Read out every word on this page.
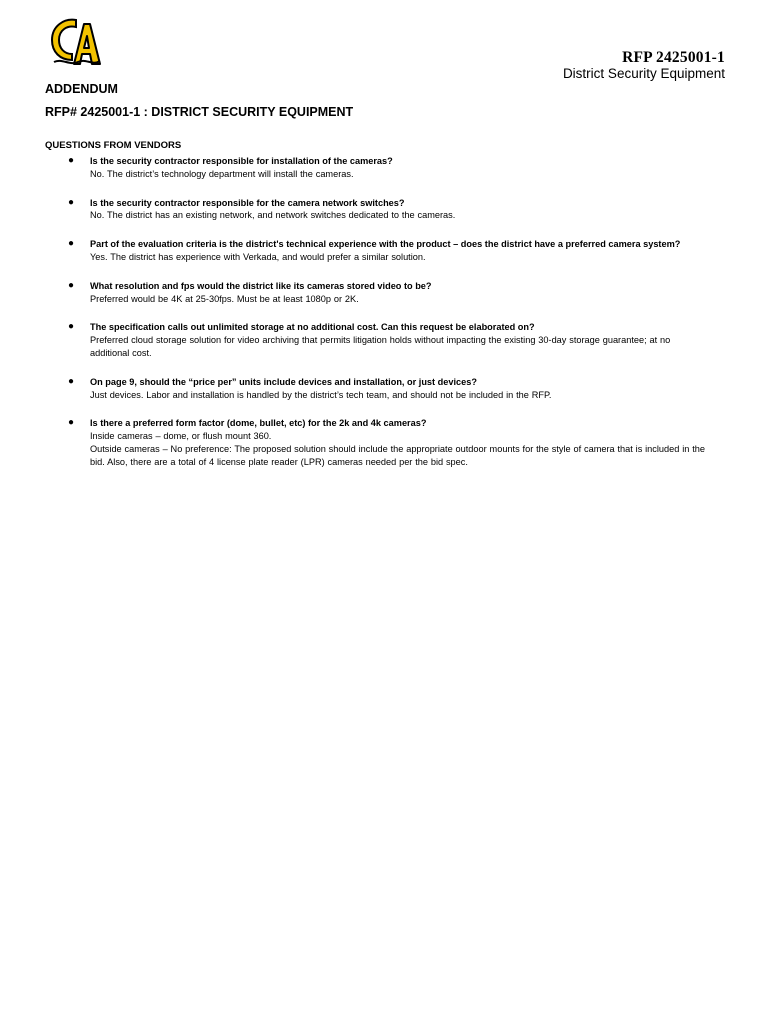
RFP 2425001-1
District Security Equipment
ADDENDUM
RFP# 2425001-1 : DISTRICT SECURITY EQUIPMENT
QUESTIONS FROM VENDORS
● Is the security contractor responsible for installation of the cameras?
No. The district’s technology department will install the cameras.
● Is the security contractor responsible for the camera network switches?
No. The district has an existing network, and network switches dedicated to the cameras.
● Part of the evaluation criteria is the district's technical experience with the product – does the district have a preferred camera system?
Yes. The district has experience with Verkada, and would prefer a similar solution.
● What resolution and fps would the district like its cameras stored video to be?
Preferred would be 4K at 25-30fps. Must be at least 1080p or 2K.
● The specification calls out unlimited storage at no additional cost. Can this request be elaborated on?
Preferred cloud storage solution for video archiving that permits litigation holds without impacting the existing 30-day storage guarantee; at no additional cost.
● On page 9, should the “price per” units include devices and installation, or just devices?
Just devices. Labor and installation is handled by the district’s tech team, and should not be included in the RFP.
● Is there a preferred form factor (dome, bullet, etc) for the 2k and 4k cameras?
Inside cameras – dome, or flush mount 360.
Outside cameras – No preference: The proposed solution should include the appropriate outdoor mounts for the style of camera that is included in the bid. Also, there are a total of 4 license plate reader (LPR) cameras needed per the bid spec.
